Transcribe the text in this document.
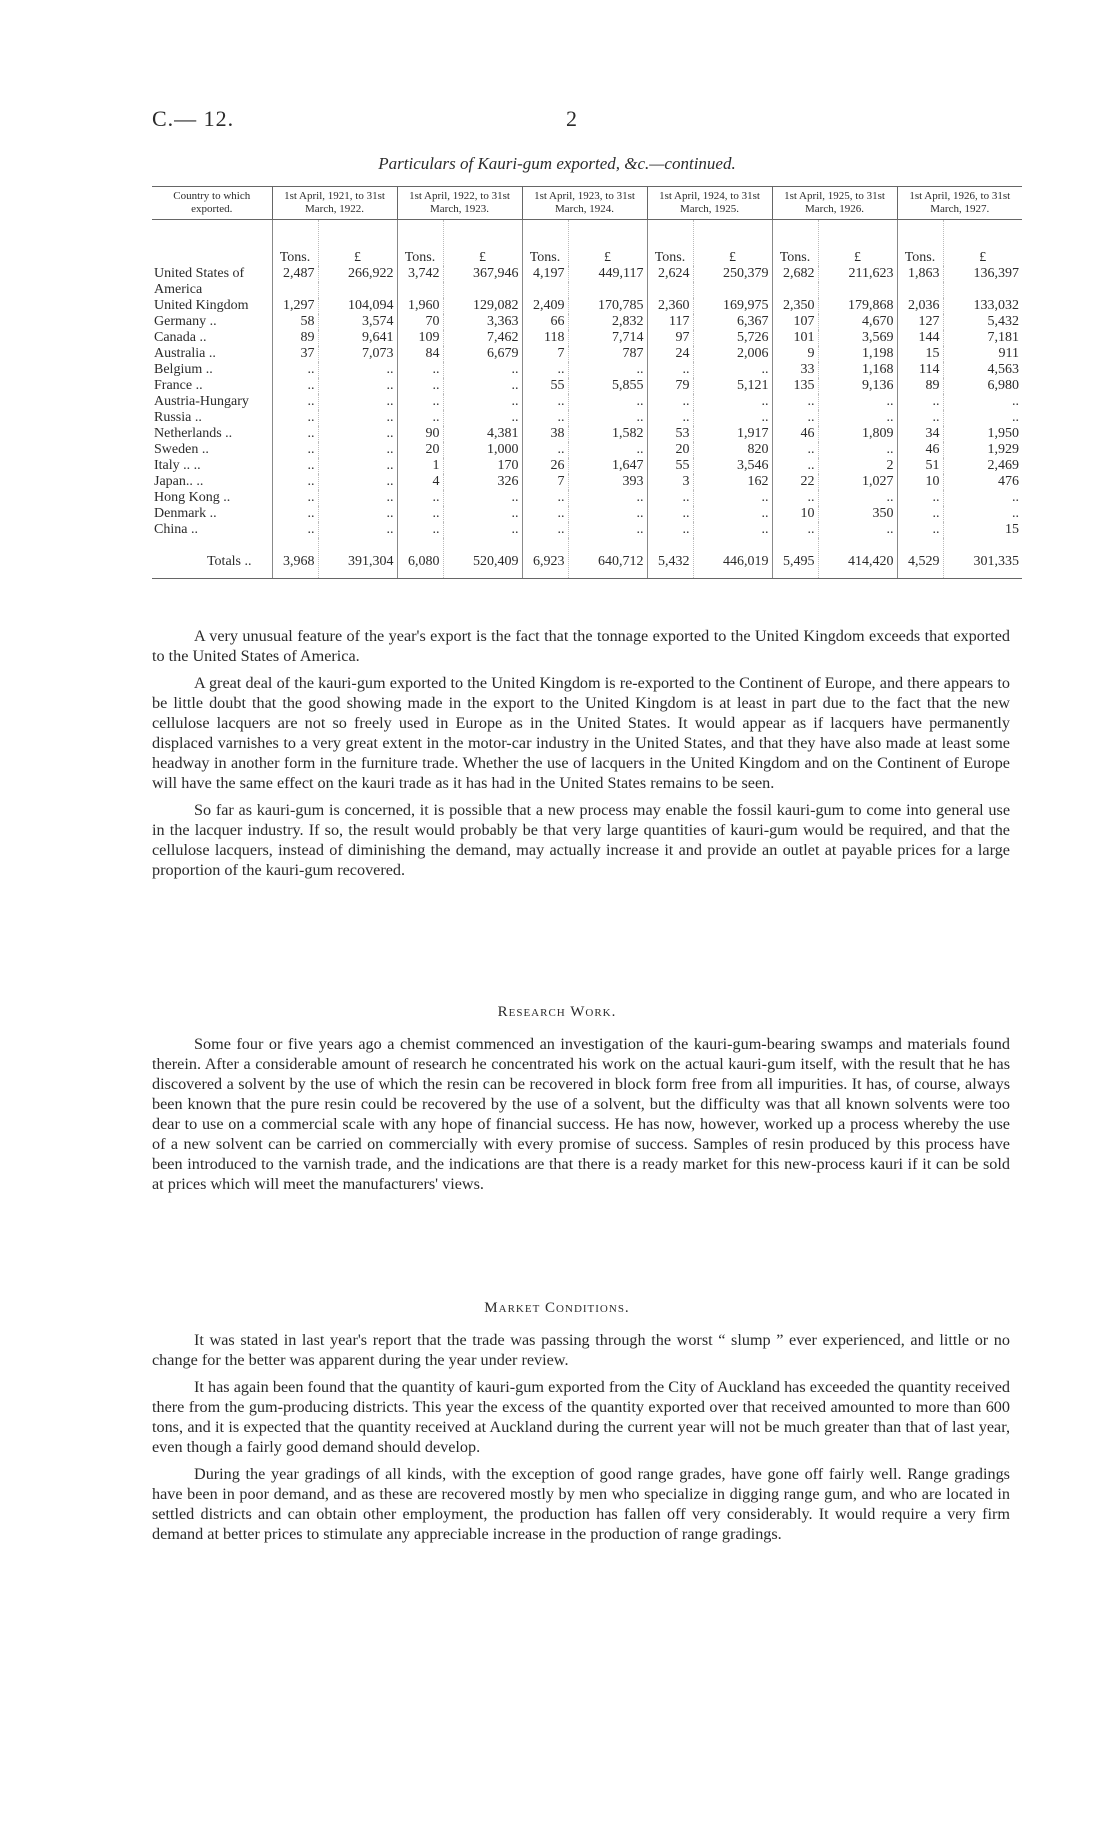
C.— 12.	2
Particulars of Kauri-gum exported, &c.—continued.
Country to which exported.	1st April, 1921, to 31st March, 1922.		1st April, 1922, to 31st March, 1923.		1st April, 1923, to 31st March, 1924.		1st April, 1924, to 31st March, 1925.		1st April, 1925, to 31st March, 1926.		1st April, 1926, to 31st March, 1927.	
	Tons.	£	Tons.	£	Tons.	£	Tons.	£	Tons.	£	Tons.	£
United States of	2,487	266,922	3,742	367,946	4,197	449,117	2,624	250,379	2,682	211,623	1,863	136,397
America												
United Kingdom	1,297	104,094	1,960	129,082	2,409	170,785	2,360	169,975	2,350	179,868	2,036	133,032
Germany ..	58	3,574	70	3,363	66	2,832	117	6,367	107	4,670	127	5,432
Canada ..	89	9,641	109	7,462	118	7,714	97	5,726	101	3,569	144	7,181
Australia ..	37	7,073	84	6,679	7	787	24	2,006	9	1,198	15	911
Belgium ..	..	..	..	..	..	..	..	..	33	1,168	114	4,563
France ..	..	..	..	..	55	5,855	79	5,121	135	9,136	89	6,980
Austria-Hungary	..	..	..	..	..	..	..	..	..	..	..	..
Russia ..	..	..	..	..	..	..	..	..	..	..	..	..
Netherlands ..	..	..	90	4,381	38	1,582	53	1,917	46	1,809	34	1,950
Sweden ..	..	..	20	1,000	..	..	20	820	..	..	46	1,929
Italy .. ..	..	..	1	170	26	1,647	55	3,546	..	2	51	2,469
Japan.. ..	..	..	4	326	7	393	3	162	22	1,027	10	476
Hong Kong ..	..	..	..	..	..	..	..	..	..	..	..	..
Denmark ..	..	..	..	..	..	..	..	..	10	350	..	..
China ..	..	..	..	..	..	..	..	..	..	..	..	15
Totals ..	3,968	391,304	6,080	520,409	6,923	640,712	5,432	446,019	5,495	414,420	4,529	301,335

A very unusual feature of the year's export is the fact that the tonnage exported to the United Kingdom exceeds that exported to the United States of America.

A great deal of the kauri-gum exported to the United Kingdom is re-exported to the Continent of Europe, and there appears to be little doubt that the good showing made in the export to the United Kingdom is at least in part due to the fact that the new cellulose lacquers are not so freely used in Europe as in the United States. It would appear as if lacquers have permanently displaced varnishes to a very great extent in the motor-car industry in the United States, and that they have also made at least some headway in another form in the furniture trade. Whether the use of lacquers in the United Kingdom and on the Continent of Europe will have the same effect on the kauri trade as it has had in the United States remains to be seen.

So far as kauri-gum is concerned, it is possible that a new process may enable the fossil kauri-gum to come into general use in the lacquer industry. If so, the result would probably be that very large quantities of kauri-gum would be required, and that the cellulose lacquers, instead of diminishing the demand, may actually increase it and provide an outlet at payable prices for a large proportion of the kauri-gum recovered.

Research Work.

Some four or five years ago a chemist commenced an investigation of the kauri-gum-bearing swamps and materials found therein. After a considerable amount of research he concentrated his work on the actual kauri-gum itself, with the result that he has discovered a solvent by the use of which the resin can be recovered in block form free from all impurities. It has, of course, always been known that the pure resin could be recovered by the use of a solvent, but the difficulty was that all known solvents were too dear to use on a commercial scale with any hope of financial success. He has now, however, worked up a process whereby the use of a new solvent can be carried on commercially with every promise of success. Samples of resin produced by this process have been introduced to the varnish trade, and the indications are that there is a ready market for this new-process kauri if it can be sold at prices which will meet the manufacturers' views.

Market Conditions.

It was stated in last year's report that the trade was passing through the worst “ slump ” ever experienced, and little or no change for the better was apparent during the year under review.

It has again been found that the quantity of kauri-gum exported from the City of Auckland has exceeded the quantity received there from the gum-producing districts. This year the excess of the quantity exported over that received amounted to more than 600 tons, and it is expected that the quantity received at Auckland during the current year will not be much greater than that of last year, even though a fairly good demand should develop.

During the year gradings of all kinds, with the exception of good range grades, have gone off fairly well. Range gradings have been in poor demand, and as these are recovered mostly by men who specialize in digging range gum, and who are located in settled districts and can obtain other employment, the production has fallen off very considerably. It would require a very firm demand at better prices to stimulate any appreciable increase in the production of range gradings.
